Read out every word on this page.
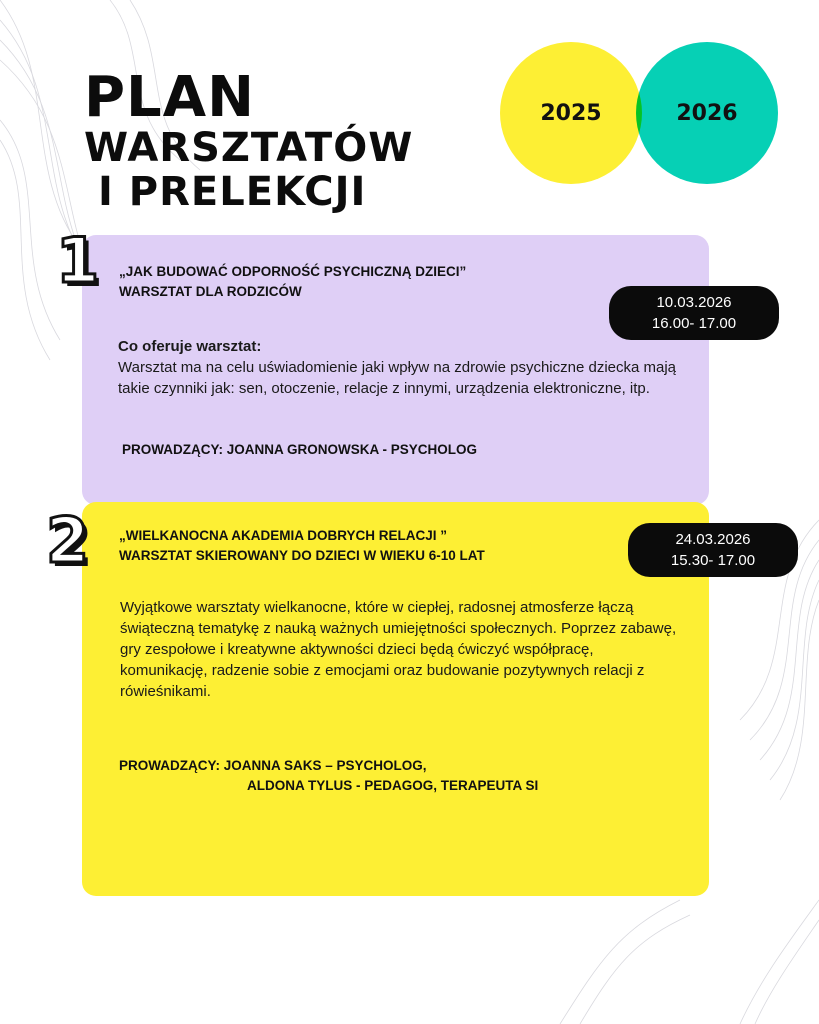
PLAN
WARSZTATÓW
I PRELEKCJI
2026
2025
1 „JAK BUDOWAĆ ODPORNOŚĆ PSYCHICZNĄ DZIECI”
WARSZTAT DLA RODZICÓW
10.03.2026
16.00- 17.00
Co oferuje warsztat:
Warsztat ma na celu uświadomienie jaki wpływ na zdrowie psychiczne dziecka mają takie czynniki jak: sen, otoczenie, relacje z innymi, urządzenia elektroniczne, itp.
PROWADZĄCY: JOANNA GRONOWSKA - PSYCHOLOG
2 „WIELKANOCNA AKADEMIA DOBRYCH RELACJI ”
WARSZTAT SKIEROWANY DO DZIECI W WIEKU 6-10 LAT
24.03.2026
15.30- 17.00
Wyjątkowe warsztaty wielkanocne, które w ciepłej, radosnej atmosferze łączą świąteczną tematykę z nauką ważnych umiejętności społecznych. Poprzez zabawę, gry zespołowe i kreatywne aktywności dzieci będą ćwiczyć współpracę, komunikację, radzenie sobie z emocjami oraz budowanie pozytywnych relacji z rówieśnikami.
PROWADZĄCY: JOANNA SAKS – PSYCHOLOG,
ALDONA TYLUS - PEDAGOG, TERAPEUTA SI
